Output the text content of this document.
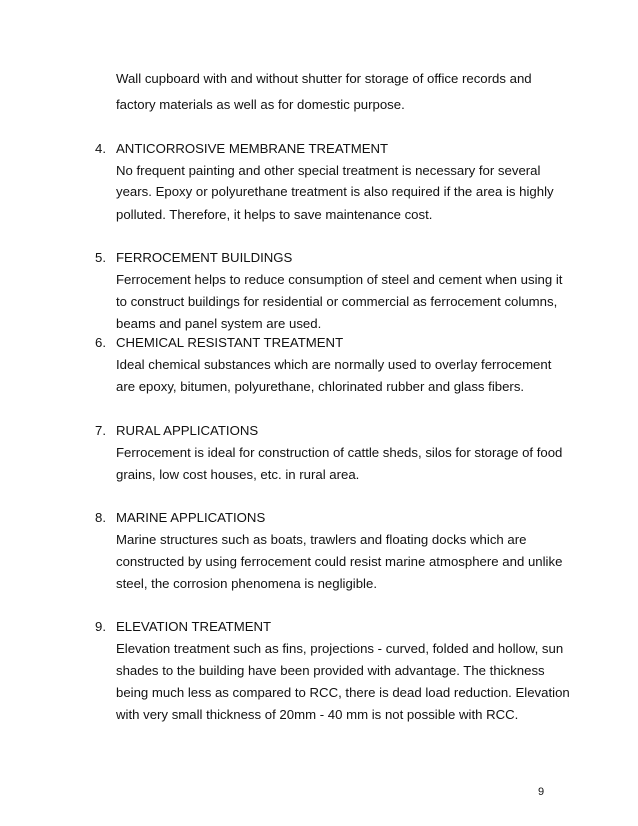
Wall cupboard with and without shutter for storage of office records and

factory materials as well as for domestic purpose.

4. ANTICORROSIVE MEMBRANE TREATMENT

No frequent painting and other special treatment is necessary for several

years. Epoxy or polyurethane treatment is also required if the area is highly

polluted. Therefore, it helps to save maintenance cost.

5. FERROCEMENT BUILDINGS

Ferrocement helps to reduce consumption of steel and cement when using it

to construct buildings for residential or commercial as ferrocement columns,

beams and panel system are used.

6. CHEMICAL RESISTANT TREATMENT

Ideal chemical substances which are normally used to overlay ferrocement

are epoxy, bitumen, polyurethane, chlorinated rubber and glass fibers.

7. RURAL APPLICATIONS

Ferrocement is ideal for construction of cattle sheds, silos for storage of food

grains, low cost houses, etc. in rural area.

8. MARINE APPLICATIONS

Marine structures such as boats, trawlers and floating docks which are

constructed by using ferrocement could resist marine atmosphere and unlike

steel, the corrosion phenomena is negligible.

9. ELEVATION TREATMENT

Elevation treatment such as fins, projections - curved, folded and hollow, sun

shades to the building have been provided with advantage. The thickness

being much less as compared to RCC, there is dead load reduction. Elevation

with very small thickness of 20mm - 40 mm is not possible with RCC.

9
